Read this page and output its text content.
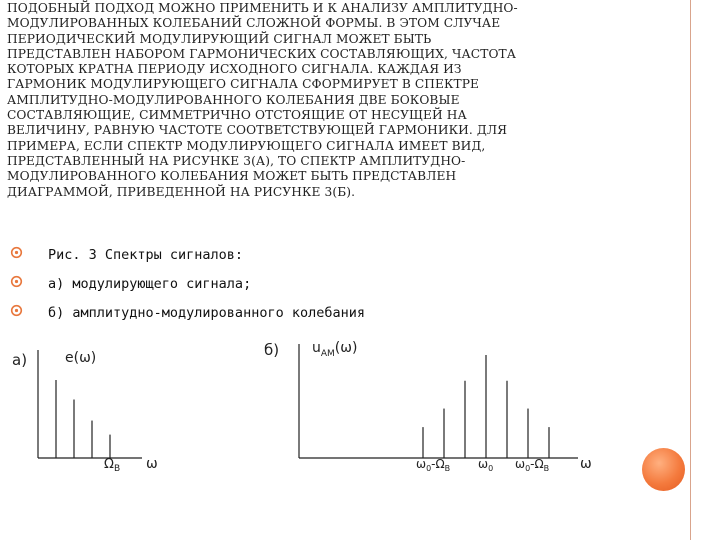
ПОДОБНЫЙ ПОДХОД МОЖНО ПРИМЕНИТЬ И К АНАЛИЗУ АМПЛИТУДНО-
МОДУЛИРОВАННЫХ КОЛЕБАНИЙ СЛОЖНОЙ ФОРМЫ. В ЭТОМ СЛУЧАЕ
ПЕРИОДИЧЕСКИЙ МОДУЛИРУЮЩИЙ СИГНАЛ МОЖЕТ БЫТЬ
ПРЕДСТАВЛЕН НАБОРОМ ГАРМОНИЧЕСКИХ СОСТАВЛЯЮЩИХ, ЧАСТОТА
КОТОРЫХ КРАТНА ПЕРИОДУ ИСХОДНОГО СИГНАЛА. КАЖДАЯ ИЗ
ГАРМОНИК МОДУЛИРУЮЩЕГО СИГНАЛА СФОРМИРУЕТ В СПЕКТРЕ
АМПЛИТУДНО-МОДУЛИРОВАННОГО КОЛЕБАНИЯ ДВЕ БОКОВЫЕ
СОСТАВЛЯЮЩИЕ, СИММЕТРИЧНО ОТСТОЯЩИЕ ОТ НЕСУЩЕЙ НА
ВЕЛИЧИНУ, РАВНУЮ ЧАСТОТЕ СООТВЕТСТВУЮЩЕЙ ГАРМОНИКИ. ДЛЯ
ПРИМЕРА, ЕСЛИ СПЕКТР МОДУЛИРУЮЩЕГО СИГНАЛА ИМЕЕТ ВИД,
ПРЕДСТАВЛЕННЫЙ НА РИСУНКЕ 3(А), ТО СПЕКТР АМПЛИТУДНО-
МОДУЛИРОВАННОГО КОЛЕБАНИЯ МОЖЕТ БЫТЬ ПРЕДСТАВЛЕН
ДИАГРАММОЙ, ПРИВЕДЕННОЙ НА РИСУНКЕ 3(Б).
Рис. 3 Спектры сигналов:
а) модулирующего сигнала;
б) амплитудно-модулированного колебания
а)	e(ω)
$\Omega_В$ ω
б) $u_{АМ}(\omega)$
$\omega_0-\Omega_В$ $\omega_0$ $\omega_0-\Omega_В$ ω
